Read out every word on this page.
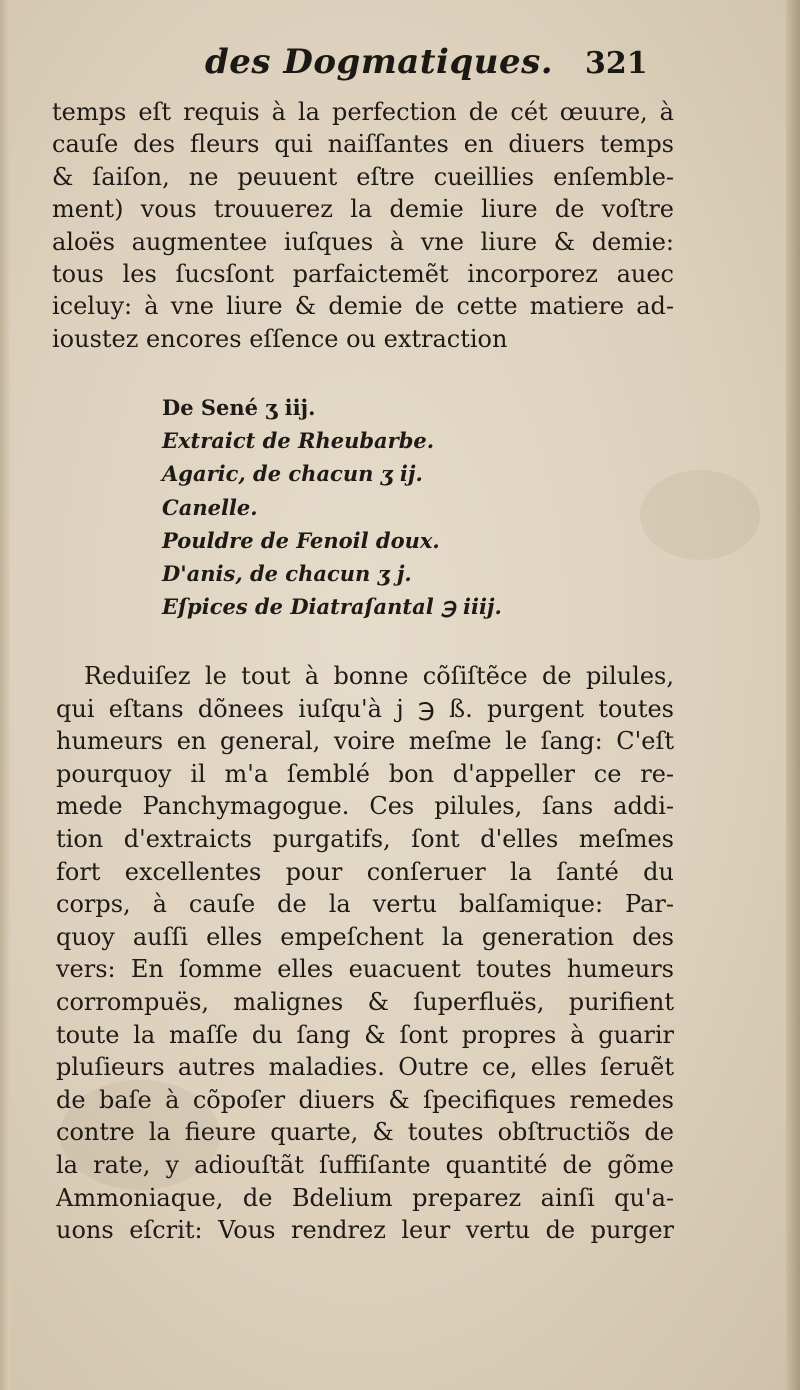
des Dogmatiques. 321
temps eſt requis à la perfection de cét œuure, à
cauſe des fleurs qui naiſſantes en diuers temps
& ſaiſon, ne peuuent eſtre cueillies enſemble-
ment) vous trouuerez la demie liure de voſtre
aloës augmentee iuſques à vne liure & demie:
tous les ſucsſont parfaictemẽt incorporez auec
iceluy: à vne liure & demie de cette matiere ad-
ioustez encores eſſence ou extraction
De Sené ʒ iij.
Extraict de Rheubarbe.
Agaric, de chacun ʒ ij.
Canelle.
Pouldre de Fenoil doux.
D'anis, de chacun ʒ j.
Eſpices de Diatraſantal ℈ iiij.
Reduiſez le tout à bonne cõſiſtẽce de pilules,
qui eſtans dõnees iuſqu'à j ℈ ß. purgent toutes
humeurs en general, voire meſme le ſang: C'eſt
pourquoy il m'a ſemblé bon d'appeller ce re-
mede Panchymagogue. Ces pilules, ſans addi-
tion d'extraicts purgatifs, ſont d'elles meſmes
fort excellentes pour conſeruer la ſanté du
corps, à cauſe de la vertu balſamique: Par-
quoy auſſi elles empeſchent la generation des
vers: En ſomme elles euacuent toutes humeurs
corrompuës, malignes & ſuperfluës, purifient
toute la maſſe du ſang & ſont propres à guarir
pluſieurs autres maladies. Outre ce, elles ſeruẽt
de baſe à cõpoſer diuers & ſpecifiques remedes
contre la fieure quarte, & toutes obſtructiõs de
la rate, y adiouſtãt ſuffiſante quantité de gõme
Ammoniaque, de Bdelium preparez ainſi qu'a-
uons eſcrit: Vous rendrez leur vertu de purger
